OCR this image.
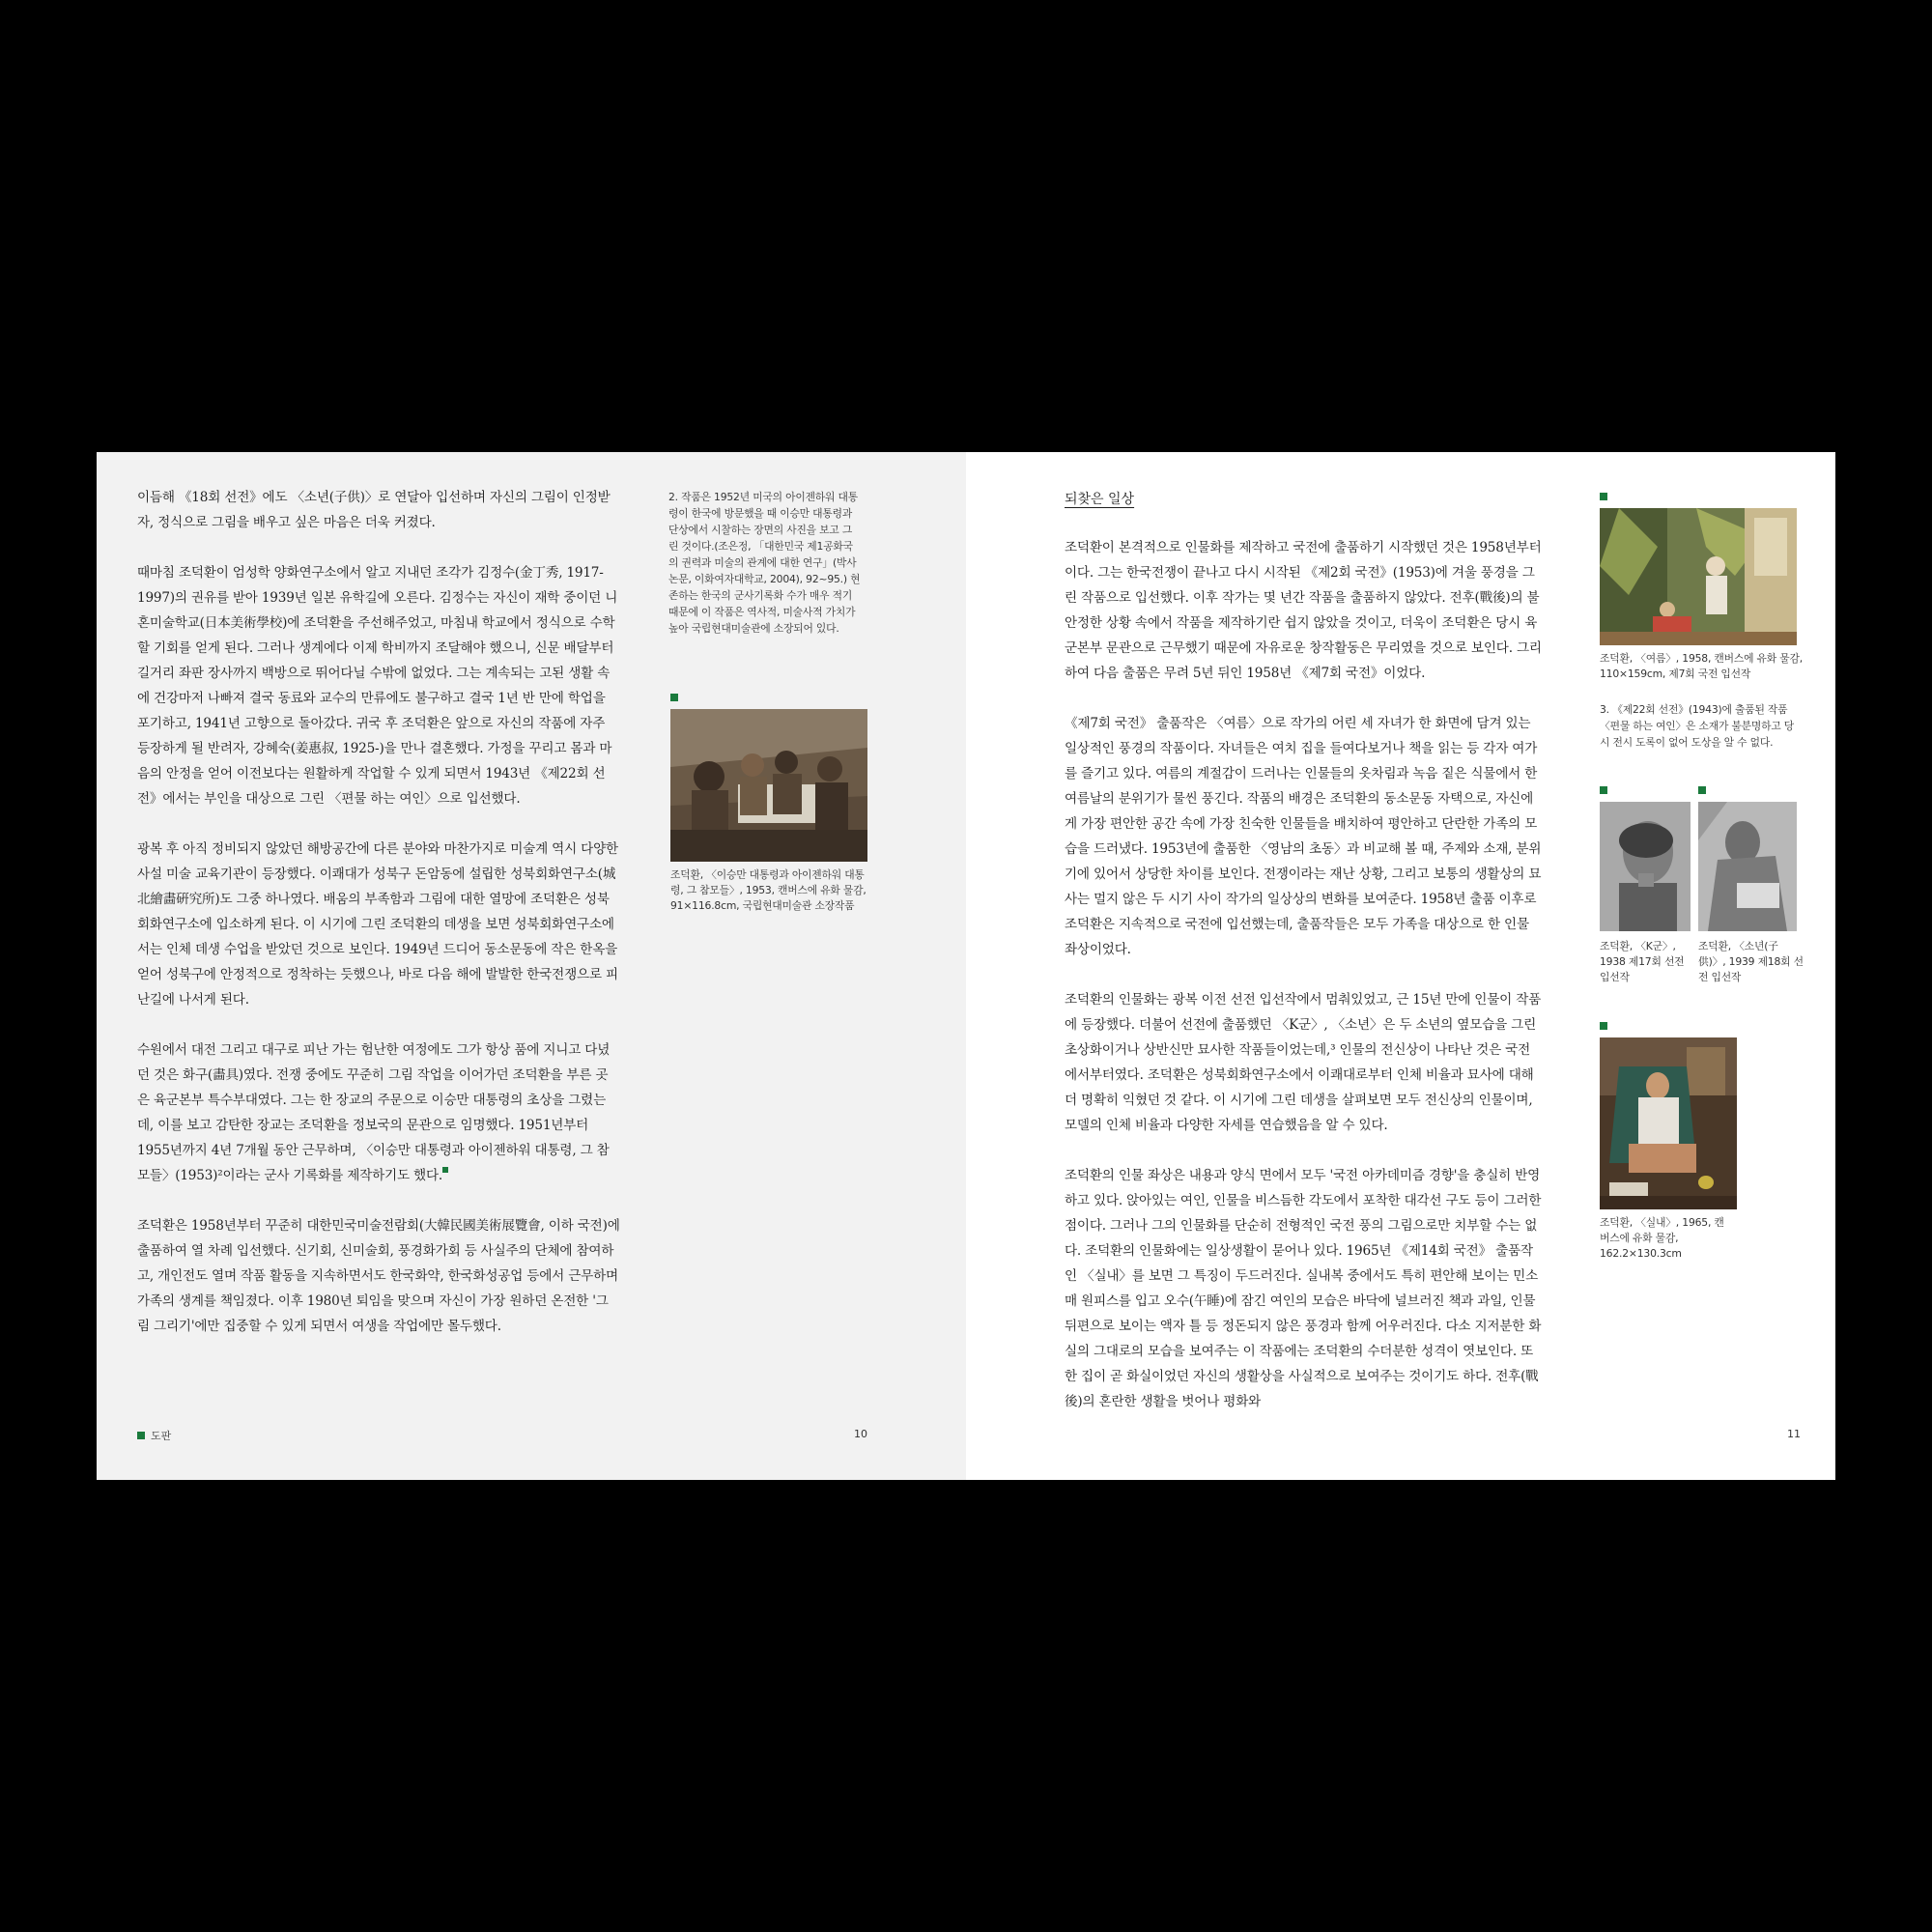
이듬해 《18회 선전》에도 〈소년(子供)〉로 연달아 입선하며 자신의 그림이 인정받자, 정식으로 그림을 배우고 싶은 마음은 더욱 커졌다.

때마침 조덕환이 엄성학 양화연구소에서 알고 지내던 조각가 김정수(金丁秀, 1917-1997)의 권유를 받아 1939년 일본 유학길에 오른다. 김정수는 자신이 재학 중이던 니혼미술학교(日本美術學校)에 조덕환을 주선해주었고, 마침내 학교에서 정식으로 수학할 기회를 얻게 된다. 그러나 생계에다 이제 학비까지 조달해야 했으니, 신문 배달부터 길거리 좌판 장사까지 백방으로 뛰어다닐 수밖에 없었다. 그는 계속되는 고된 생활 속에 건강마저 나빠져 결국 동료와 교수의 만류에도 불구하고 결국 1년 반 만에 학업을 포기하고, 1941년 고향으로 돌아갔다. 귀국 후 조덕환은 앞으로 자신의 작품에 자주 등장하게 될 반려자, 강혜숙(姜惠叔, 1925-)을 만나 결혼했다. 가정을 꾸리고 몸과 마음의 안정을 얻어 이전보다는 원활하게 작업할 수 있게 되면서 1943년 《제22회 선전》에서는 부인을 대상으로 그린 〈편물 하는 여인〉으로 입선했다.

광복 후 아직 정비되지 않았던 해방공간에 다른 분야와 마찬가지로 미술계 역시 다양한 사설 미술 교육기관이 등장했다. 이쾌대가 성북구 돈암동에 설립한 성북회화연구소(城北繪畵硏究所)도 그중 하나였다. 배움의 부족함과 그림에 대한 열망에 조덕환은 성북회화연구소에 입소하게 된다. 이 시기에 그린 조덕환의 데생을 보면 성북회화연구소에서는 인체 데생 수업을 받았던 것으로 보인다. 1949년 드디어 동소문동에 작은 한옥을 얻어 성북구에 안정적으로 정착하는 듯했으나, 바로 다음 해에 발발한 한국전쟁으로 피난길에 나서게 된다.

수원에서 대전 그리고 대구로 피난 가는 험난한 여정에도 그가 항상 품에 지니고 다녔던 것은 화구(畵具)였다. 전쟁 중에도 꾸준히 그림 작업을 이어가던 조덕환을 부른 곳은 육군본부 특수부대였다. 그는 한 장교의 주문으로 이승만 대통령의 초상을 그렸는데, 이를 보고 감탄한 장교는 조덕환을 정보국의 문관으로 임명했다. 1951년부터 1955년까지 4년 7개월 동안 근무하며, 〈이승만 대통령과 아이젠하워 대통령, 그 참모들〉(1953)²이라는 군사 기록화를 제작하기도 했다.

조덕환은 1958년부터 꾸준히 대한민국미술전람회(大韓民國美術展覽會, 이하 국전)에 출품하여 열 차례 입선했다. 신기회, 신미술회, 풍경화가회 등 사실주의 단체에 참여하고, 개인전도 열며 작품 활동을 지속하면서도 한국화약, 한국화성공업 등에서 근무하며 가족의 생계를 책임졌다. 이후 1980년 퇴임을 맞으며 자신이 가장 원하던 온전한 '그림 그리기'에만 집중할 수 있게 되면서 여생을 작업에만 몰두했다.

2. 작품은 1952년 미국의 아이젠하워 대통령이 한국에 방문했을 때 이승만 대통령과 단상에서 시찰하는 장면의 사진을 보고 그린 것이다.(조은정, 「대한민국 제1공화국의 권력과 미술의 관계에 대한 연구」(박사 논문, 이화여자대학교, 2004), 92~95.) 현존하는 한국의 군사기록화 수가 매우 적기 때문에 이 작품은 역사적, 미술사적 가치가 높아 국립현대미술관에 소장되어 있다.

조덕환, 〈이승만 대통령과 아이젠하워 대통령, 그 참모들〉, 1953, 캔버스에 유화 물감, 91×116.8cm, 국립현대미술관 소장작품

도판	10
되찾은 일상

조덕환이 본격적으로 인물화를 제작하고 국전에 출품하기 시작했던 것은 1958년부터이다. 그는 한국전쟁이 끝나고 다시 시작된 《제2회 국전》(1953)에 겨울 풍경을 그린 작품으로 입선했다. 이후 작가는 몇 년간 작품을 출품하지 않았다. 전후(戰後)의 불안정한 상황 속에서 작품을 제작하기란 쉽지 않았을 것이고, 더욱이 조덕환은 당시 육군본부 문관으로 근무했기 때문에 자유로운 창작활동은 무리였을 것으로 보인다. 그리하여 다음 출품은 무려 5년 뒤인 1958년 《제7회 국전》이었다.

《제7회 국전》 출품작은 〈여름〉으로 작가의 어린 세 자녀가 한 화면에 담겨 있는 일상적인 풍경의 작품이다. 자녀들은 여치 집을 들여다보거나 책을 읽는 등 각자 여가를 즐기고 있다. 여름의 계절감이 드러나는 인물들의 옷차림과 녹음 짙은 식물에서 한 여름날의 분위기가 물씬 풍긴다. 작품의 배경은 조덕환의 동소문동 자택으로, 자신에게 가장 편안한 공간 속에 가장 친숙한 인물들을 배치하여 평안하고 단란한 가족의 모습을 드러냈다. 1953년에 출품한 〈영남의 초동〉과 비교해 볼 때, 주제와 소재, 분위기에 있어서 상당한 차이를 보인다. 전쟁이라는 재난 상황, 그리고 보통의 생활상의 묘사는 멀지 않은 두 시기 사이 작가의 일상상의 변화를 보여준다. 1958년 출품 이후로 조덕환은 지속적으로 국전에 입선했는데, 출품작들은 모두 가족을 대상으로 한 인물 좌상이었다.

조덕환의 인물화는 광복 이전 선전 입선작에서 멈춰있었고, 근 15년 만에 인물이 작품에 등장했다. 더불어 선전에 출품했던 〈K군〉, 〈소년〉은 두 소년의 옆모습을 그린 초상화이거나 상반신만 묘사한 작품들이었는데,³ 인물의 전신상이 나타난 것은 국전에서부터였다. 조덕환은 성북회화연구소에서 이쾌대로부터 인체 비율과 묘사에 대해 더 명확히 익혔던 것 같다. 이 시기에 그린 데생을 살펴보면 모두 전신상의 인물이며, 모델의 인체 비율과 다양한 자세를 연습했음을 알 수 있다.

조덕환의 인물 좌상은 내용과 양식 면에서 모두 '국전 아카데미즘 경향'을 충실히 반영하고 있다. 앉아있는 여인, 인물을 비스듬한 각도에서 포착한 대각선 구도 등이 그러한 점이다. 그러나 그의 인물화를 단순히 전형적인 국전 풍의 그림으로만 치부할 수는 없다. 조덕환의 인물화에는 일상생활이 묻어나 있다. 1965년 《제14회 국전》 출품작인 〈실내〉를 보면 그 특징이 두드러진다. 실내복 중에서도 특히 편안해 보이는 민소매 원피스를 입고 오수(午睡)에 잠긴 여인의 모습은 바닥에 널브러진 책과 과일, 인물 뒤편으로 보이는 액자 틀 등 정돈되지 않은 풍경과 함께 어우러진다. 다소 지저분한 화실의 그대로의 모습을 보여주는 이 작품에는 조덕환의 수더분한 성격이 엿보인다. 또한 집이 곧 화실이었던 자신의 생활상을 사실적으로 보여주는 것이기도 하다. 전후(戰後)의 혼란한 생활을 벗어나 평화와

조덕환, 〈여름〉, 1958, 캔버스에 유화 물감, 110×159cm, 제7회 국전 입선작

3. 《제22회 선전》(1943)에 출품된 작품 〈편물 하는 여인〉은 소재가 불분명하고 당시 전시 도록이 없어 도상을 알 수 없다.

조덕환, 〈K군〉, 1938 제17회 선전 입선작

조덕환, 〈소년(子供)〉, 1939 제18회 선전 입선작

조덕환, 〈실내〉, 1965, 캔버스에 유화 물감, 162.2×130.3cm

11
